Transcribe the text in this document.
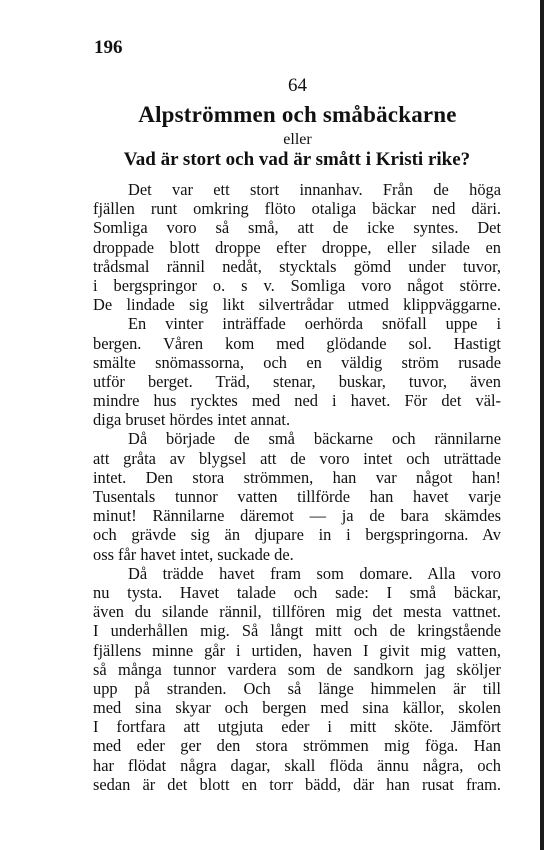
196

64

Alpströmmen och småbäckarne

eller

Vad är stort och vad är smått i Kristi rike?
Det var ett stort innanhav. Från de höga
fjällen runt omkring flöto otaliga bäckar ned däri.
Somliga voro så små, att de icke syntes. Det
droppade blott droppe efter droppe, eller silade en
trådsmal rännil nedåt, stycktals gömd under tuvor,
i bergspringor o. s v. Somliga voro något större.
De lindade sig likt silvertrådar utmed klippväggarne.
En vinter inträffade oerhörda snöfall uppe i
bergen. Våren kom med glödande sol. Hastigt
smälte snömassorna, och en väldig ström rusade
utför berget. Träd, stenar, buskar, tuvor, även
mindre hus rycktes med ned i havet. För det väl-
diga bruset hördes intet annat.
Då började de små bäckarne och rännilarne
att gråta av blygsel att de voro intet och uträttade
intet. Den stora strömmen, han var något han!
Tusentals tunnor vatten tillförde han havet varje
minut! Rännilarne däremot — ja de bara skämdes
och grävde sig än djupare in i bergspringorna. Av
oss får havet intet, suckade de.
Då trädde havet fram som domare. Alla voro
nu tysta. Havet talade och sade: I små bäckar,
även du silande rännil, tillfören mig det mesta vattnet.
I underhållen mig. Så långt mitt och de kringstående
fjällens minne går i urtiden, haven I givit mig vatten,
så många tunnor vardera som de sandkorn jag sköljer
upp på stranden. Och så länge himmelen är till
med sina skyar och bergen med sina källor, skolen
I fortfara att utgjuta eder i mitt sköte. Jämfört
med eder ger den stora strömmen mig föga. Han
har flödat några dagar, skall flöda ännu några, och
sedan är det blott en torr bädd, där han rusat fram.
